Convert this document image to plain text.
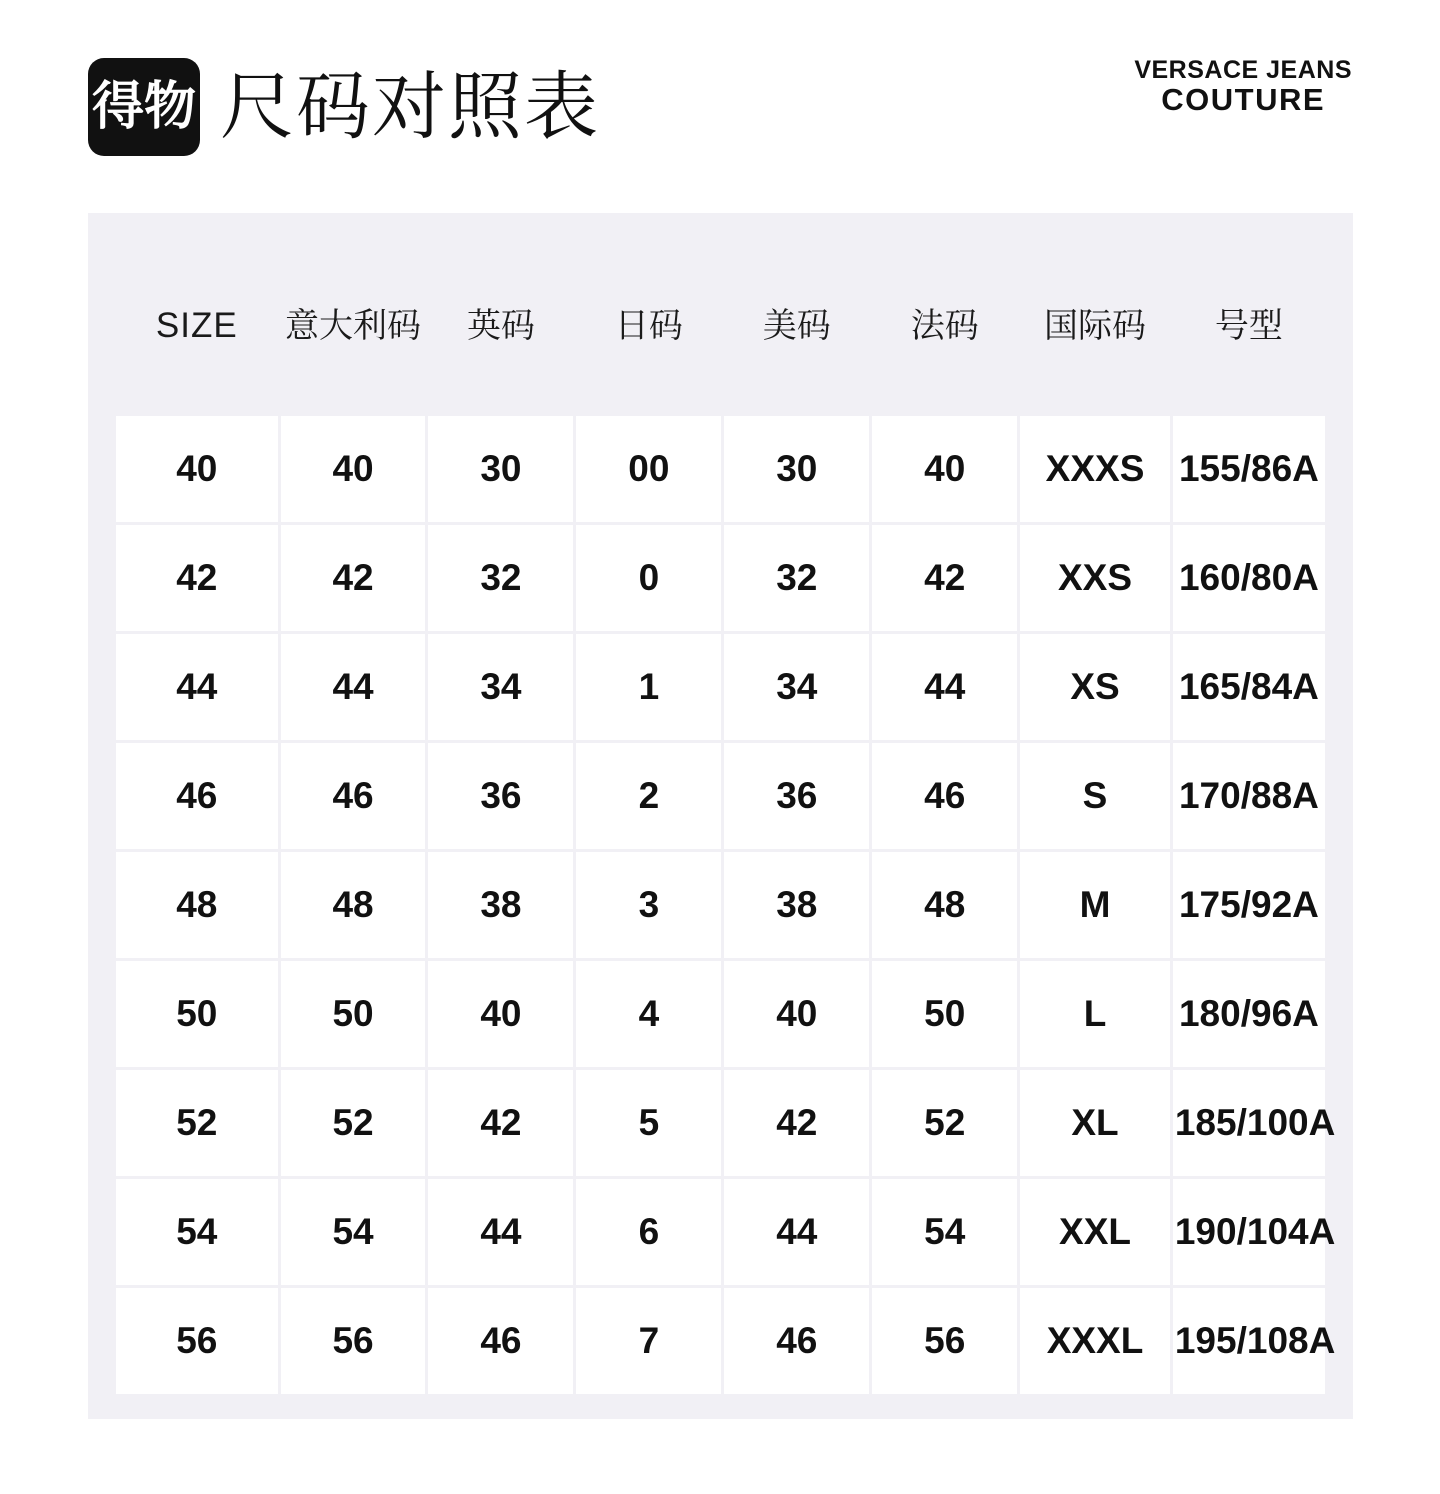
得物 尺码对照表	VERSACE JEANS
COUTURE
SIZE	意大利码	英码	日码	美码	法码	国际码	号型
40	40	30	00	30	40	XXXS	155/86A
42	42	32	0	32	42	XXS	160/80A
44	44	34	1	34	44	XS	165/84A
46	46	36	2	36	46	S	170/88A
48	48	38	3	38	48	M	175/92A
50	50	40	4	40	50	L	180/96A
52	52	42	5	42	52	XL	185/100A
54	54	44	6	44	54	XXL	190/104A
56	56	46	7	46	56	XXXL	195/108A
